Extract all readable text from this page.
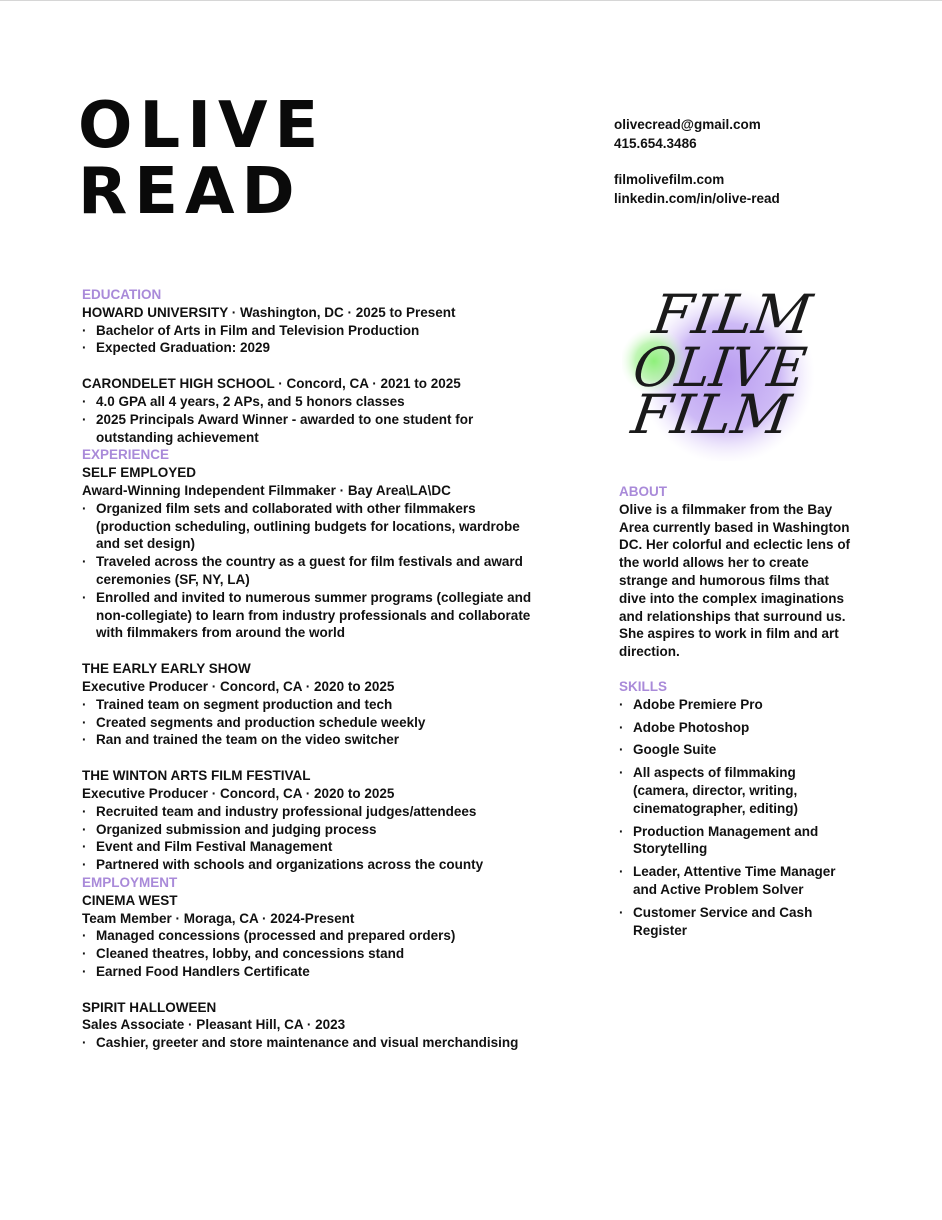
OLIVE
READ
olivecread@gmail.com
415.654.3486
filmolivefilm.com
linkedin.com/in/olive-read
FILM
OLIVE
FILM
EDUCATION
HOWARD UNIVERSITY · Washington, DC · 2025 to Present
· Bachelor of Arts in Film and Television Production
· Expected Graduation: 2029
CARONDELET HIGH SCHOOL · Concord, CA · 2021 to 2025
· 4.0 GPA all 4 years, 2 APs, and 5 honors classes
· 2025 Principals Award Winner - awarded to one student for outstanding achievement
EXPERIENCE
SELF EMPLOYED
Award-Winning Independent Filmmaker · Bay Area\LA\DC
· Organized film sets and collaborated with other filmmakers (production scheduling, outlining budgets for locations, wardrobe and set design)
· Traveled across the country as a guest for film festivals and award ceremonies (SF, NY, LA)
· Enrolled and invited to numerous summer programs (collegiate and non-collegiate) to learn from industry professionals and collaborate with filmmakers from around the world
THE EARLY EARLY SHOW
Executive Producer · Concord, CA · 2020 to 2025
· Trained team on segment production and tech
· Created segments and production schedule weekly
· Ran and trained the team on the video switcher
THE WINTON ARTS FILM FESTIVAL
Executive Producer · Concord, CA · 2020 to 2025
· Recruited team and industry professional judges/attendees
· Organized submission and judging process
· Event and Film Festival Management
· Partnered with schools and organizations across the county
EMPLOYMENT
CINEMA WEST
Team Member · Moraga, CA · 2024-Present
· Managed concessions (processed and prepared orders)
· Cleaned theatres, lobby, and concessions stand
· Earned Food Handlers Certificate
SPIRIT HALLOWEEN
Sales Associate · Pleasant Hill, CA · 2023
· Cashier, greeter and store maintenance and visual merchandising
ABOUT
Olive is a filmmaker from the Bay Area currently based in Washington DC. Her colorful and eclectic lens of the world allows her to create strange and humorous films that dive into the complex imaginations and relationships that surround us. She aspires to work in film and art direction.
SKILLS
· Adobe Premiere Pro
· Adobe Photoshop
· Google Suite
· All aspects of filmmaking (camera, director, writing, cinematographer, editing)
· Production Management and Storytelling
· Leader, Attentive Time Manager and Active Problem Solver
· Customer Service and Cash Register
